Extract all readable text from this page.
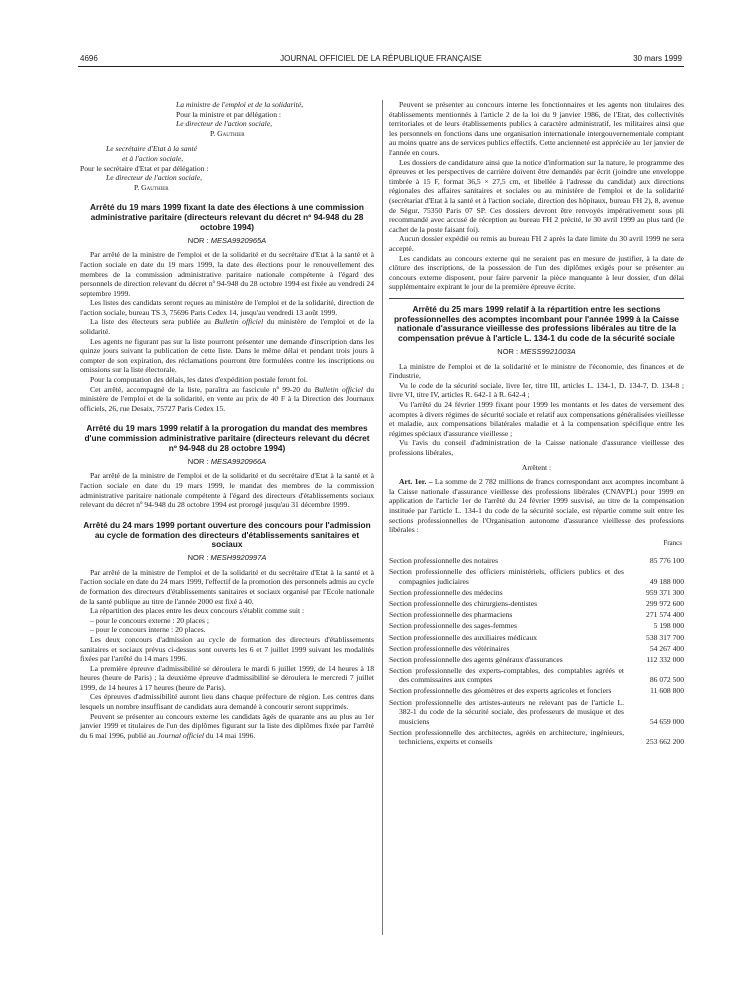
4696	JOURNAL OFFICIEL DE LA RÉPUBLIQUE FRANÇAISE	30 mars 1999

La ministre de l'emploi et de la solidarité,

Pour la ministre et par délégation :

Le directeur de l'action sociale,

P. Gauthier

Le secrétaire d'Etat à la santé

et à l'action sociale,

Pour le secrétaire d'Etat et par délégation :

Le directeur de l'action sociale,

P. Gauthier

Arrêté du 19 mars 1999 fixant la date des élections à une commission administrative paritaire (directeurs relevant du décret nº 94-948 du 28 octobre 1994)
NOR : MESA9920965A

Par arrêté de la ministre de l'emploi et de la solidarité et du secrétaire d'Etat à la santé et à l'action sociale en date du 19 mars 1999, la date des élections pour le renouvellement des membres de la commission administrative paritaire nationale compétente à l'égard des personnels de direction relevant du décret nº 94-948 du 28 octobre 1994 est fixée au vendredi 24 septembre 1999.

Les listes des candidats seront reçues au ministère de l'emploi et de la solidarité, direction de l'action sociale, bureau TS 3, 75696 Paris Cedex 14, jusqu'au vendredi 13 août 1999.

La liste des électeurs sera publiée au Bulletin officiel du ministère de l'emploi et de la solidarité.

Les agents ne figurant pas sur la liste pourront présenter une demande d'inscription dans les quinze jours suivant la publication de cette liste. Dans le même délai et pendant trois jours à compter de son expiration, des réclamations pourront être formulées contre les inscriptions ou omissions sur la liste électorale.

Pour la computation des délais, les dates d'expédition postale feront foi.

Cet arrêté, accompagné de la liste, paraîtra au fascicule nº 99-20 du Bulletin officiel du ministère de l'emploi et de la solidarité, en vente au prix de 40 F à la Direction des Journaux officiels, 26, rue Desaix, 75727 Paris Cedex 15.

Arrêté du 19 mars 1999 relatif à la prorogation du mandat des membres d'une commission administrative paritaire (directeurs relevant du décret nº 94-948 du 28 octobre 1994)
NOR : MESA9920966A

Par arrêté de la ministre de l'emploi et de la solidarité et du secrétaire d'Etat à la santé et à l'action sociale en date du 19 mars 1999, le mandat des membres de la commission administrative paritaire nationale compétente à l'égard des directeurs d'établissements sociaux relevant du décret nº 94-948 du 28 octobre 1994 est prorogé jusqu'au 31 décembre 1999.

Arrêté du 24 mars 1999 portant ouverture des concours pour l'admission au cycle de formation des directeurs d'établissements sanitaires et sociaux
NOR : MESH9920997A

Par arrêté de la ministre de l'emploi et de la solidarité et du secrétaire d'Etat à la santé et à l'action sociale en date du 24 mars 1999, l'effectif de la promotion des personnels admis au cycle de formation des directeurs d'établissements sanitaires et sociaux organisé par l'Ecole nationale de la santé publique au titre de l'année 2000 est fixé à 40.

La répartition des places entre les deux concours s'établit comme suit :

– pour le concours externe : 20 places ;

– pour le concours interne : 20 places.

Les deux concours d'admission au cycle de formation des directeurs d'établissements sanitaires et sociaux prévus ci-dessus sont ouverts les 6 et 7 juillet 1999 suivant les modalités fixées par l'arrêté du 14 mars 1996.

La première épreuve d'admissibilité se déroulera le mardi 6 juillet 1999, de 14 heures à 18 heures (heure de Paris) ; la deuxième épreuve d'admissibilité se déroulera le mercredi 7 juillet 1999, de 14 heures à 17 heures (heure de Paris).

Ces épreuves d'admissibilité auront lieu dans chaque préfecture de région. Les centres dans lesquels un nombre insuffisant de candidats aura demandé à concourir seront supprimés.

Peuvent se présenter au concours externe les candidats âgés de quarante ans au plus au 1er janvier 1999 et titulaires de l'un des diplômes figurant sur la liste des diplômes fixée par l'arrêté du 6 mai 1996, publié au Journal officiel du 14 mai 1996.

Peuvent se présenter au concours interne les fonctionnaires et les agents non titulaires des établissements mentionnés à l'article 2 de la loi du 9 janvier 1986, de l'Etat, des collectivités territoriales et de leurs établissements publics à caractère administratif, les militaires ainsi que les personnels en fonctions dans une organisation internationale intergouvernementale comptant au moins quatre ans de services publics effectifs. Cette ancienneté est appréciée au 1er janvier de l'année en cours.

Les dossiers de candidature ainsi que la notice d'information sur la nature, le programme des épreuves et les perspectives de carrière doivent être demandés par écrit (joindre une enveloppe timbrée à 15 F, format 36,5 × 27,5 cm, et libellée à l'adresse du candidat) aux directions régionales des affaires sanitaires et sociales ou au ministère de l'emploi et de la solidarité (secrétariat d'Etat à la santé et à l'action sociale, direction des hôpitaux, bureau FH 2), 8, avenue de Ségur, 75350 Paris 07 SP. Ces dossiers devront être renvoyés impérativement sous pli recommandé avec accusé de réception au bureau FH 2 précité, le 30 avril 1999 au plus tard (le cachet de la poste faisant foi).

Aucun dossier expédié ou remis au bureau FH 2 après la date limite du 30 avril 1999 ne sera accepté.

Les candidats au concours externe qui ne seraient pas en mesure de justifier, à la date de clôture des inscriptions, de la possession de l'un des diplômes exigés pour se présenter au concours externe disposent, pour faire parvenir la pièce manquante à leur dossier, d'un délai supplémentaire expirant le jour de la première épreuve écrite.

Arrêté du 25 mars 1999 relatif à la répartition entre les sections professionnelles des acomptes incombant pour l'année 1999 à la Caisse nationale d'assurance vieillesse des professions libérales au titre de la compensation prévue à l'article L. 134-1 du code de la sécurité sociale
NOR : MESS9921003A

La ministre de l'emploi et de la solidarité et le ministre de l'économie, des finances et de l'industrie,

Vu le code de la sécurité sociale, livre Ier, titre III, articles L. 134-1, D. 134-7, D. 134-8 ; livre VI, titre IV, articles R. 642-1 à R. 642-4 ;

Vu l'arrêté du 24 février 1999 fixant pour 1999 les montants et les dates de versement des acomptes à divers régimes de sécurité sociale et relatif aux compensations généralisées vieillesse et maladie, aux compensations bilatérales maladie et à la compensation spécifique entre les régimes spéciaux d'assurance vieillesse ;

Vu l'avis du conseil d'administration de la Caisse nationale d'assurance vieillesse des professions libérales,

Arrêtent :

Art. 1er. – La somme de 2 782 millions de francs correspondant aux acomptes incombant à la Caisse nationale d'assurance vieillesse des professions libérales (CNAVPL) pour 1999 en application de l'article 1er de l'arrêté du 24 février 1999 susvisé, au titre de la compensation instituée par l'article L. 134-1 du code de la sécurité sociale, est répartie comme suit entre les sections professionnelles de l'Organisation autonome d'assurance vieillesse des professions libérales :

Francs
Section professionnelle des notaires	85 776 100
Section professionnelle des officiers ministériels, officiers publics et des compagnies judiciaires	49 188 000
Section professionnelle des médecins	959 371 300
Section professionnelle des chirurgiens-dentistes	299 972 600
Section professionnelle des pharmaciens	271 574 400
Section professionnelle des sages-femmes	5 198 000
Section professionnelle des auxiliaires médicaux	538 317 700
Section professionnelle des vétérinaires	54 267 400
Section professionnelle des agents généraux d'assurances	112 332 000
Section professionnelle des experts-comptables, des comptables agréés et des commissaires aux comptes	86 072 500
Section professionnelle des géomètres et des experts agricoles et fonciers	11 608 800
Section professionnelle des artistes-auteurs ne relevant pas de l'article L. 382-1 du code de la sécurité sociale, des professeurs de musique et des musiciens	54 659 000
Section professionnelle des architectes, agréés en architecture, ingénieurs, techniciens, experts et conseils	253 662 200
